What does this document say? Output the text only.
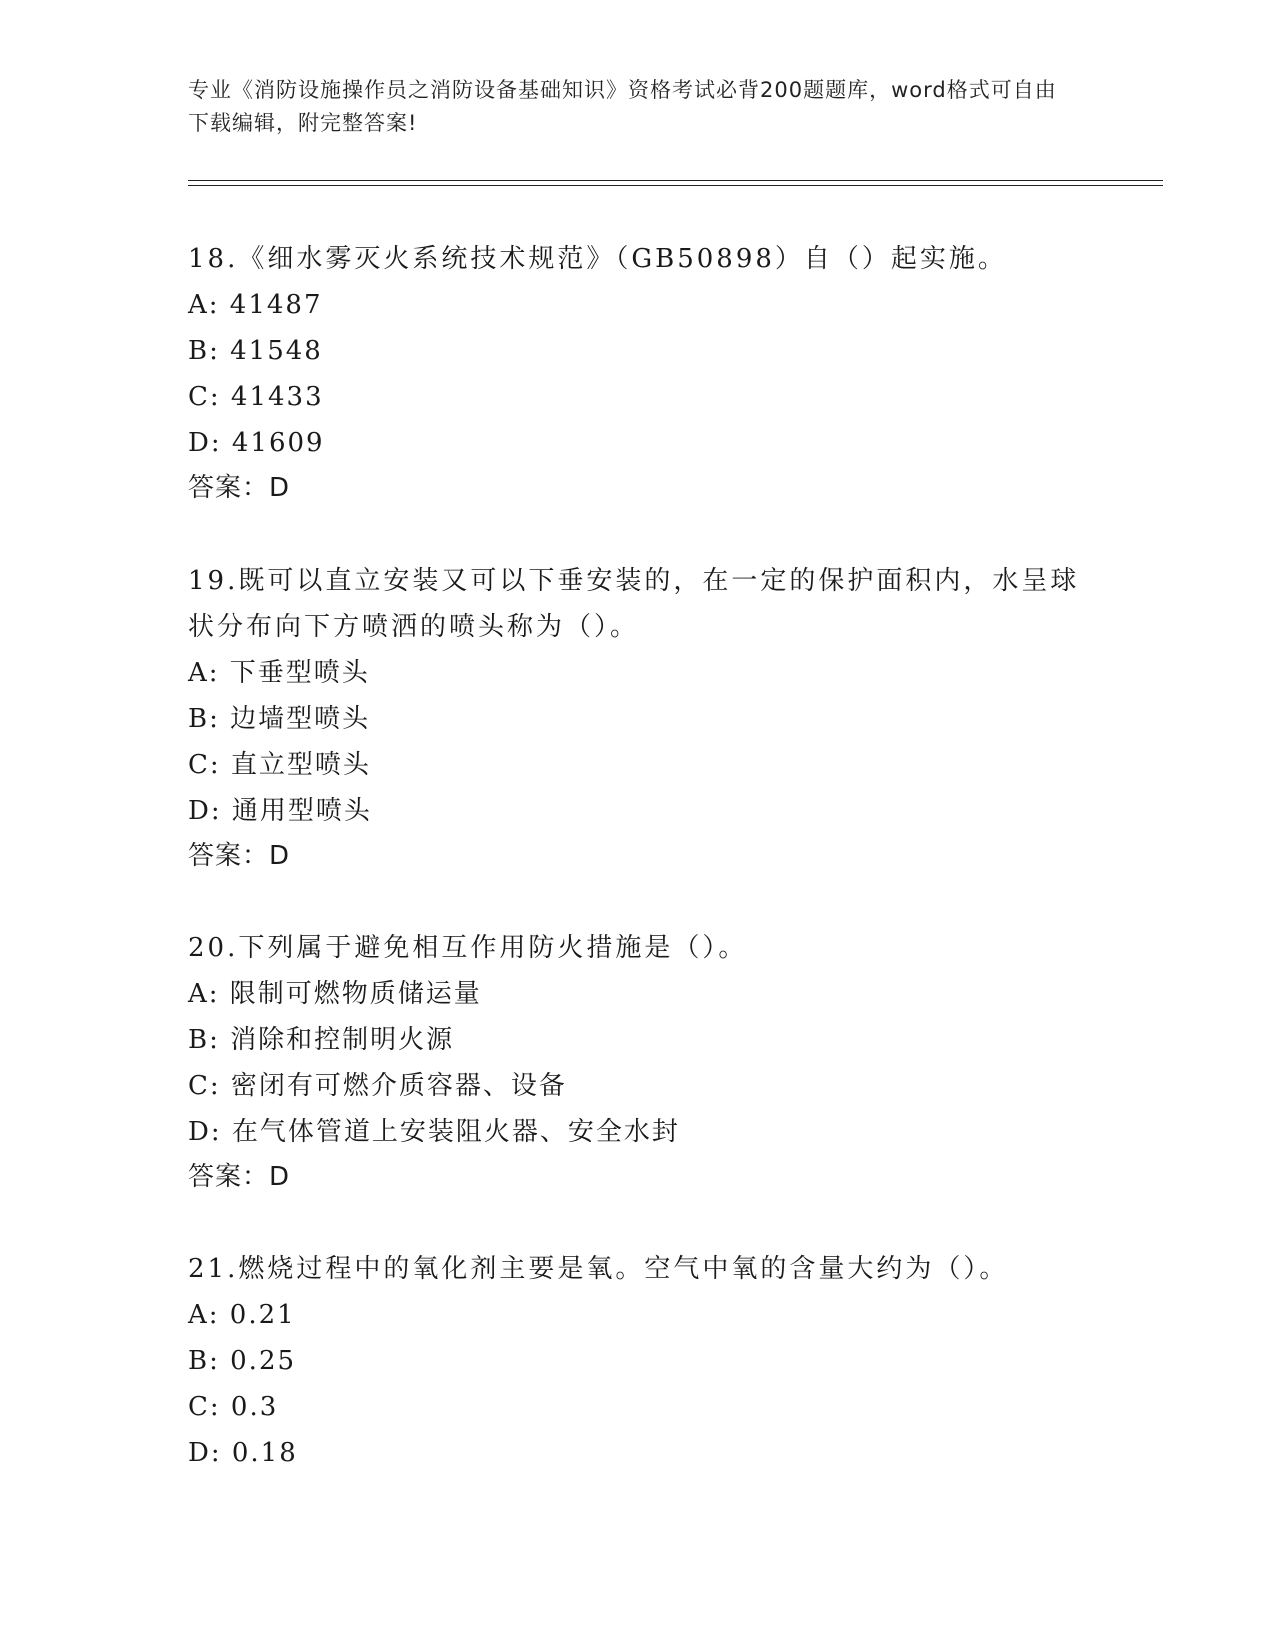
专业《消防设施操作员之消防设备基础知识》资格考试必背200题题库，word格式可自由下载编辑，附完整答案!

18.《细水雾灭火系统技术规范》（GB50898）自（）起实施。

A: 41487

B: 41548

C: 41433

D: 41609

答案：D

19.既可以直立安装又可以下垂安装的，在一定的保护面积内，水呈球状分布向下方喷洒的喷头称为（）。

A: 下垂型喷头

B: 边墙型喷头

C: 直立型喷头

D: 通用型喷头

答案：D

20.下列属于避免相互作用防火措施是（）。

A: 限制可燃物质储运量

B: 消除和控制明火源

C: 密闭有可燃介质容器、设备

D: 在气体管道上安装阻火器、安全水封

答案：D

21.燃烧过程中的氧化剂主要是氧。空气中氧的含量大约为（）。

A: 0.21

B: 0.25

C: 0.3

D: 0.18
